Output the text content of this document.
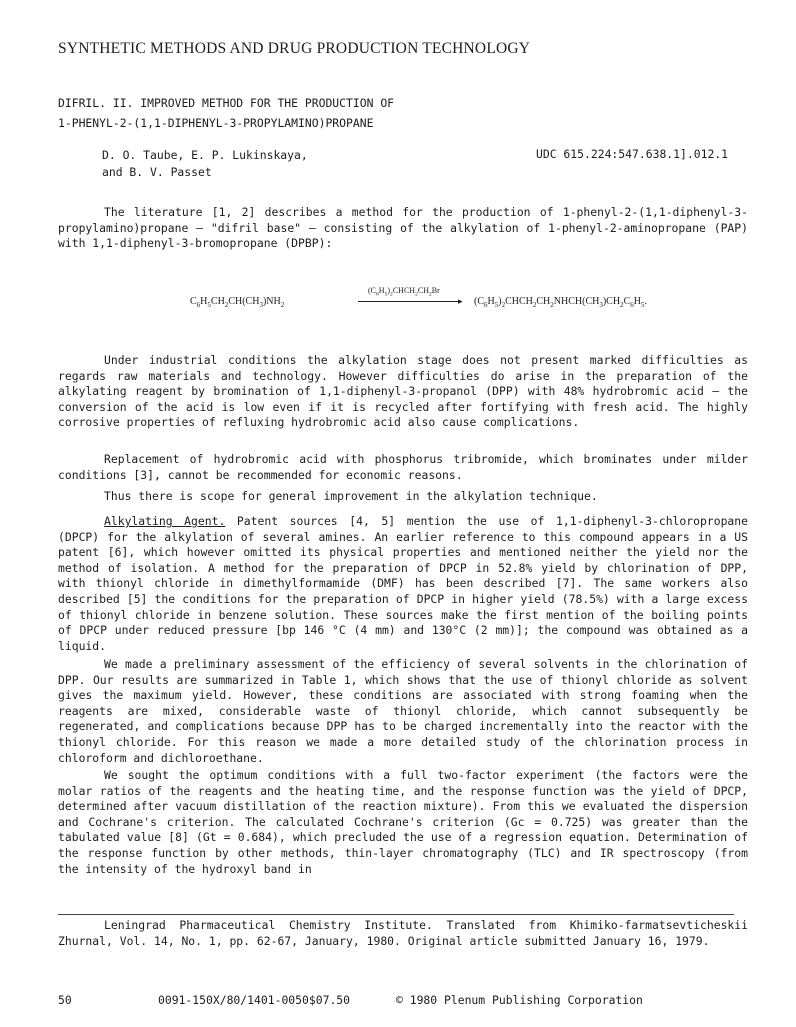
SYNTHETIC METHODS AND DRUG PRODUCTION TECHNOLOGY
DIFRIL. II. IMPROVED METHOD FOR THE PRODUCTION OF
1-PHENYL-2-(1,1-DIPHENYL-3-PROPYLAMINO)PROPANE
D. O. Taube, E. P. Lukinskaya,
and B. V. Passet
UDC 615.224:547.638.1].012.1

The literature [1, 2] describes a method for the production of 1-phenyl-2-(1,1-diphenyl-3-propylamino)propane — "difril base" — consisting of the alkylation of 1-phenyl-2-aminopropane (PAP) with 1,1-diphenyl-3-bromopropane (DPBP):

$C_6H_5CH_2CH(CH_3)NH_2$
$(C_6H_5)_2CHCH_2CH_2Br$
▸ $(C_6H_5)_2CHCH_2CH_2NHCH(CH_3)CH_2C_6H_5$.

Under industrial conditions the alkylation stage does not present marked difficulties as regards raw materials and technology. However difficulties do arise in the preparation of the alkylating reagent by bromination of 1,1-diphenyl-3-propanol (DPP) with 48% hydrobromic acid — the conversion of the acid is low even if it is recycled after fortifying with fresh acid. The highly corrosive properties of refluxing hydrobromic acid also cause complications.

Replacement of hydrobromic acid with phosphorus tribromide, which brominates under milder conditions [3], cannot be recommended for economic reasons.

Thus there is scope for general improvement in the alkylation technique.

Alkylating Agent. Patent sources [4, 5] mention the use of 1,1-diphenyl-3-chloropropane (DPCP) for the alkylation of several amines. An earlier reference to this compound appears in a US patent [6], which however omitted its physical properties and mentioned neither the yield nor the method of isolation. A method for the preparation of DPCP in 52.8% yield by chlorination of DPP, with thionyl chloride in dimethylformamide (DMF) has been described [7]. The same workers also described [5] the conditions for the preparation of DPCP in higher yield (78.5%) with a large excess of thionyl chloride in benzene solution. These sources make the first mention of the boiling points of DPCP under reduced pressure [bp 146 °C (4 mm) and 130°C (2 mm)]; the compound was obtained as a liquid.

We made a preliminary assessment of the efficiency of several solvents in the chlorination of DPP. Our results are summarized in Table 1, which shows that the use of thionyl chloride as solvent gives the maximum yield. However, these conditions are associated with strong foaming when the reagents are mixed, considerable waste of thionyl chloride, which cannot subsequently be regenerated, and complications because DPP has to be charged incrementally into the reactor with the thionyl chloride. For this reason we made a more detailed study of the chlorination process in chloroform and dichloroethane.

We sought the optimum conditions with a full two-factor experiment (the factors were the molar ratios of the reagents and the heating time, and the response function was the yield of DPCP, determined after vacuum distillation of the reaction mixture). From this we evaluated the dispersion and Cochrane's criterion. The calculated Cochrane's criterion (Gc = 0.725) was greater than the tabulated value [8] (Gt = 0.684), which precluded the use of a regression equation. Determination of the response function by other methods, thin-layer chromatography (TLC) and IR spectroscopy (from the intensity of the hydroxyl band in

Leningrad Pharmaceutical Chemistry Institute. Translated from Khimiko-farmatsevticheskii Zhurnal, Vol. 14, No. 1, pp. 62-67, January, 1980. Original article submitted January 16, 1979.

50	0091-150X/80/1401-0050$07.50	© 1980 Plenum Publishing Corporation
